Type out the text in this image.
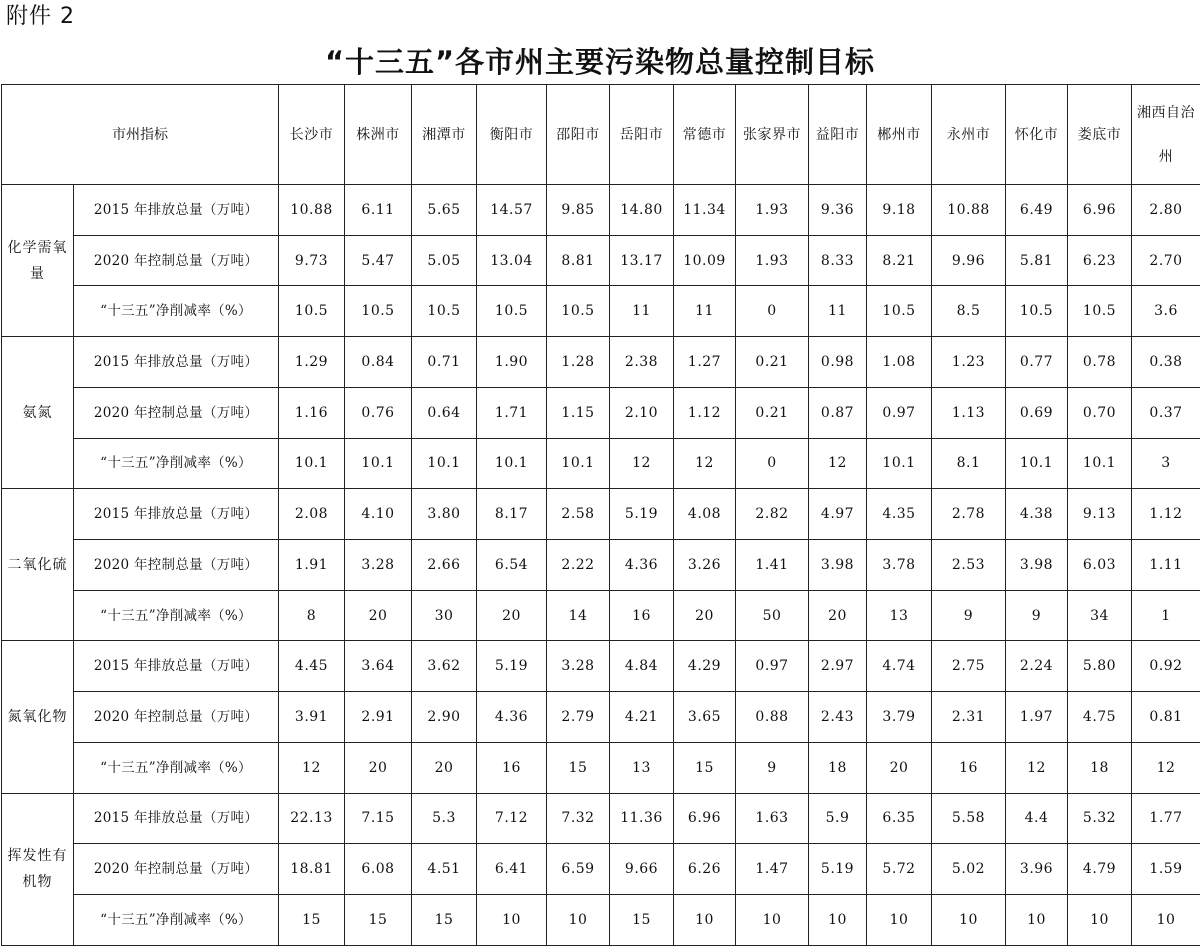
附件 2
“十三五”各市州主要污染物总量控制目标
市州指标		长沙市	株洲市	湘潭市	衡阳市	邵阳市	岳阳市	常德市	张家界市	益阳市	郴州市	永州市	怀化市	娄底市	湘西自治州
化学需氧量	2015 年排放总量（万吨）	10.88	6.11	5.65	14.57	9.85	14.80	11.34	1.93	9.36	9.18	10.88	6.49	6.96	2.80
	2020 年控制总量（万吨）	9.73	5.47	5.05	13.04	8.81	13.17	10.09	1.93	8.33	8.21	9.96	5.81	6.23	2.70
	“十三五”净削减率（%）	10.5	10.5	10.5	10.5	10.5	11	11	0	11	10.5	8.5	10.5	10.5	3.6
氨氮	2015 年排放总量（万吨）	1.29	0.84	0.71	1.90	1.28	2.38	1.27	0.21	0.98	1.08	1.23	0.77	0.78	0.38
	2020 年控制总量（万吨）	1.16	0.76	0.64	1.71	1.15	2.10	1.12	0.21	0.87	0.97	1.13	0.69	0.70	0.37
	“十三五”净削减率（%）	10.1	10.1	10.1	10.1	10.1	12	12	0	12	10.1	8.1	10.1	10.1	3
二氧化硫	2015 年排放总量（万吨）	2.08	4.10	3.80	8.17	2.58	5.19	4.08	2.82	4.97	4.35	2.78	4.38	9.13	1.12
	2020 年控制总量（万吨）	1.91	3.28	2.66	6.54	2.22	4.36	3.26	1.41	3.98	3.78	2.53	3.98	6.03	1.11
	“十三五”净削减率（%）	8	20	30	20	14	16	20	50	20	13	9	9	34	1
氮氧化物	2015 年排放总量（万吨）	4.45	3.64	3.62	5.19	3.28	4.84	4.29	0.97	2.97	4.74	2.75	2.24	5.80	0.92
	2020 年控制总量（万吨）	3.91	2.91	2.90	4.36	2.79	4.21	3.65	0.88	2.43	3.79	2.31	1.97	4.75	0.81
	“十三五”净削减率（%）	12	20	20	16	15	13	15	9	18	20	16	12	18	12
挥发性有机物	2015 年排放总量（万吨）	22.13	7.15	5.3	7.12	7.32	11.36	6.96	1.63	5.9	6.35	5.58	4.4	5.32	1.77
	2020 年控制总量（万吨）	18.81	6.08	4.51	6.41	6.59	9.66	6.26	1.47	5.19	5.72	5.02	3.96	4.79	1.59
	“十三五”净削减率（%）	15	15	15	10	10	15	10	10	10	10	10	10	10	10
